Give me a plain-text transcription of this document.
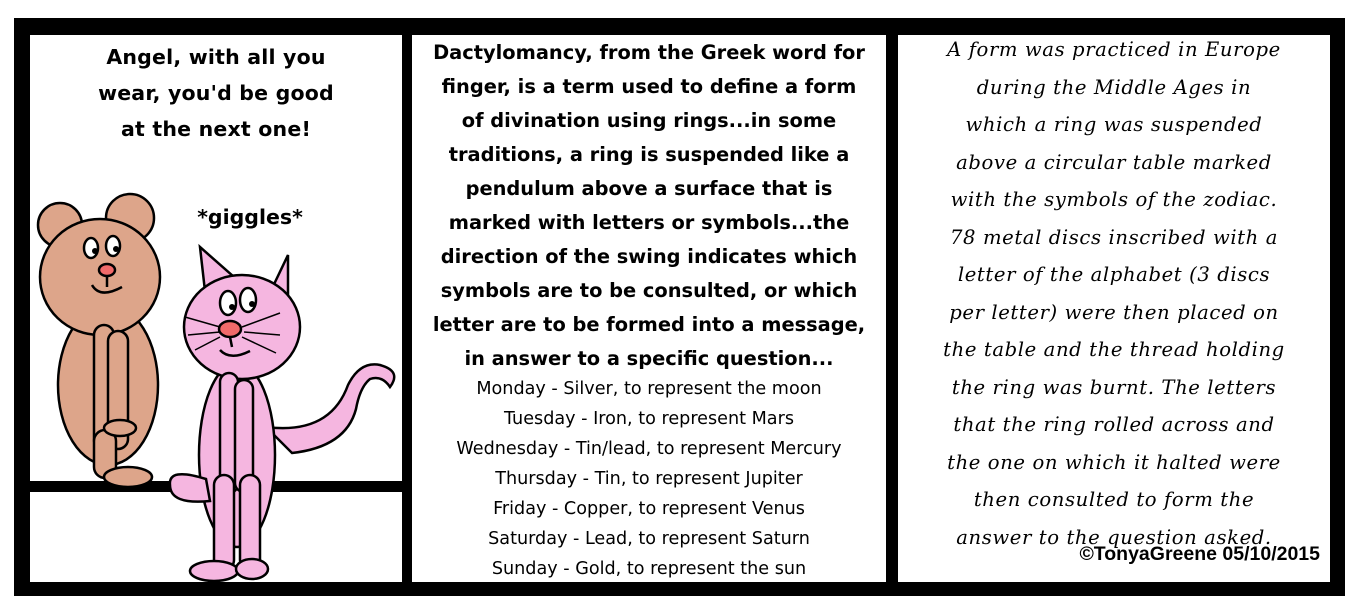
Angel, with all you
wear, you'd be good
at the next one!
*giggles*
Dactylomancy, from the Greek word for
finger, is a term used to define a form
of divination using rings...in some
traditions, a ring is suspended like a
pendulum above a surface that is
marked with letters or symbols...the
direction of the swing indicates which
symbols are to be consulted, or which
letter are to be formed into a message,
in answer to a specific question...
Monday - Silver, to represent the moon
Tuesday - Iron, to represent Mars
Wednesday - Tin/lead, to represent Mercury
Thursday - Tin, to represent Jupiter
Friday - Copper, to represent Venus
Saturday - Lead, to represent Saturn
Sunday - Gold, to represent the sun
A form was practiced in Europe
during the Middle Ages in
which a ring was suspended
above a circular table marked
with the symbols of the zodiac.
78 metal discs inscribed with a
letter of the alphabet (3 discs
per letter) were then placed on
the table and the thread holding
the ring was burnt. The letters
that the ring rolled across and
the one on which it halted were
then consulted to form the
answer to the question asked.
©TonyaGreene 05/10/2015
